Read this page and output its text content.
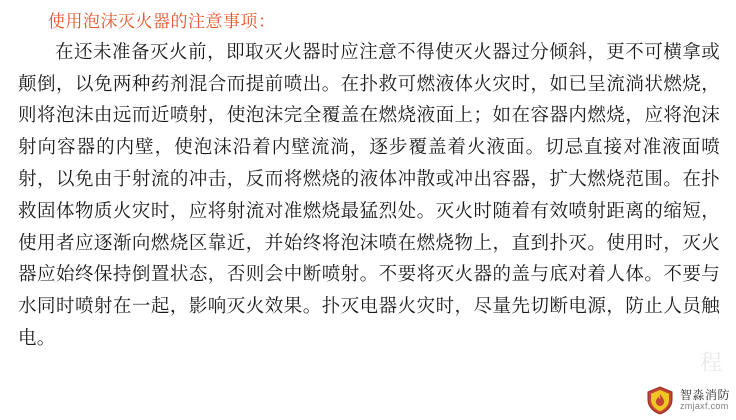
使用泡沫灭火器的注意事项：

在还未准备灭火前，即取灭火器时应注意不得使灭火器过分倾斜，更不可横拿或颠倒，以免两种药剂混合而提前喷出。在扑救可燃液体火灾时，如已呈流淌状燃烧，则将泡沫由远而近喷射，使泡沫完全覆盖在燃烧液面上；如在容器内燃烧，应将泡沫射向容器的内壁，使泡沫沿着内壁流淌，逐步覆盖着火液面。切忌直接对准液面喷射，以免由于射流的冲击，反而将燃烧的液体冲散或冲出容器，扩大燃烧范围。在扑救固体物质火灾时，应将射流对准燃烧最猛烈处。灭火时随着有效喷射距离的缩短，使用者应逐渐向燃烧区靠近，并始终将泡沫喷在燃烧物上，直到扑灭。使用时，灭火器应始终保持倒置状态，否则会中断喷射。不要将灭火器的盖与底对着人体。不要与水同时喷射在一起，影响灭火效果。扑灭电器火灾时，尽量先切断电源，防止人员触电。

程
智淼消防
zmjaxf.com
